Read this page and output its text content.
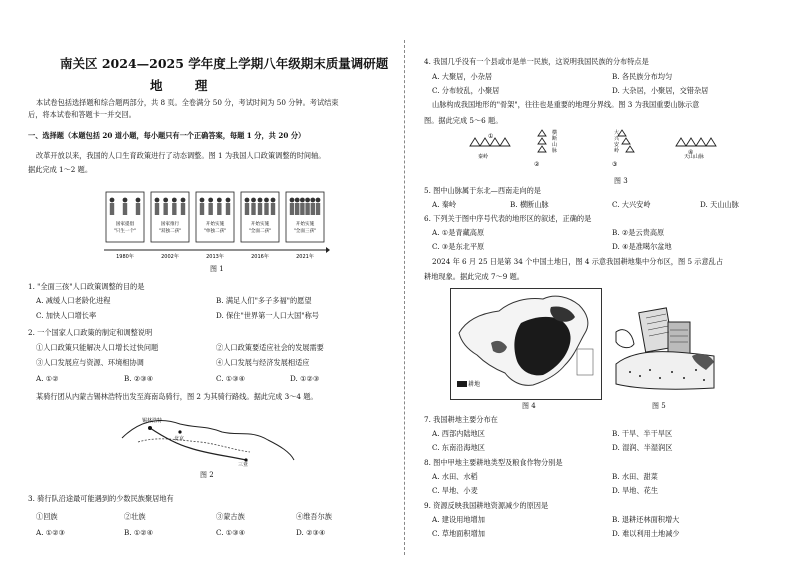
南关区 2024—2025 学年度上学期八年级期末质量调研题
地 理
本试卷包括选择题和综合题两部分，共 8 页。全卷满分 50 分，考试时间为 50 分钟。考试结束
后，将本试卷和答题卡一并交回。
一、选择题（本题包括 20 道小题，每小题只有一个正确答案，每题 1 分，共 20 分）
改革开放以来，我国的人口生育政策进行了动态调整。图 1 为我国人口政策调整的时间轴。
据此完成 1～2 题。
国家提倡
"只生一个"
1980年
国家推行
"双独二孩"
2002年
开始实施
"单独二孩"
2013年
开始实施
"全面二孩"
2016年
开始实施
"全面三孩"
2021年
图 1
1. "全面三孩"人口政策调整的目的是
A. 减缓人口老龄化进程	B. 满足人们"多子多福"的愿望
C. 加快人口增长率	D. 保住"世界第一人口大国"称号
2. 一个国家人口政策的制定和调整说明
①人口政策只能解决人口增长过快问题	②人口政策要适应社会的发展需要
③人口发展应与资源、环境相协调	④人口发展与经济发展相适应
A. ①②	B. ②③④	C. ①③④	D. ①②③
某骑行团从内蒙古锡林浩特出发至海南岛骑行，图 2 为其骑行路线。据此完成 3～4 题。
锡林浩特
北京
三亚
图 2
3. 骑行队沿途最可能遇到的少数民族聚居地有
①回族	②壮族	③蒙古族	④维吾尔族
A. ①②③	B. ①②④	C. ①③④	D. ②③④
4. 我国几乎没有一个县或市是单一民族，这说明我国民族的分布特点是
A. 大聚居，小杂居	B. 各民族分布均匀
C. 分布较乱，小聚居	D. 大杂居，小聚居，交错杂居
山脉构成我国地形的"骨架"，往往也是重要的地理分界线。图 3 为我国重要山脉示意
图。据此完成 5～6 题。
秦岭
①	横断山脉
②
大兴安岭
③
天山山脉
④
图 3
5. 图中山脉属于东北—西南走向的是
A. 秦岭	B. 横断山脉	C. 大兴安岭	D. 天山山脉
6. 下列关于图中序号代表的地形区的叙述，正确的是
A. ①是青藏高原	B. ②是云贵高原
C. ③是东北平原	D. ④是准噶尔盆地
2024 年 6 月 25 日是第 34 个中国土地日，图 4 示意我国耕地集中分布区，图 5 示意乱占
耕地现象。据此完成 7～9 题。
耕地
图 4	图 5
7. 我国耕地主要分布在
A. 西部内陆地区	B. 干旱、半干旱区
C. 东南沿海地区	D. 湿润、半湿润区
8. 图中甲地主要耕地类型及粮食作物分别是
A. 水田、水稻	B. 水田、甜菜
C. 旱地、小麦	D. 旱地、花生
9. 资源反映我国耕地资源减少的原因是
A. 建设用地增加	B. 退耕还林面积增大
C. 草地面积增加	D. 难以利用土地减少
